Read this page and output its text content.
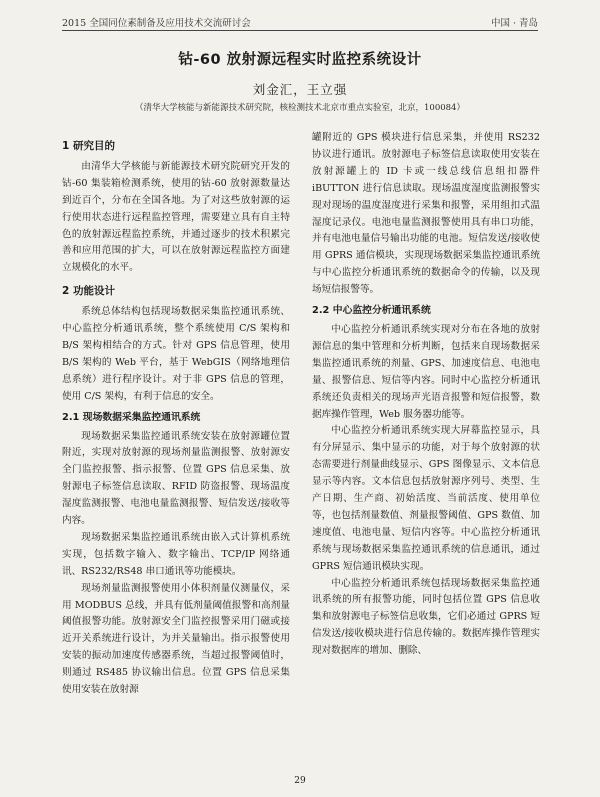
2015 全国同位素制备及应用技术交流研讨会	中国 · 青岛
钴-60 放射源远程实时监控系统设计
刘金汇，王立强
（清华大学核能与新能源技术研究院，核检测技术北京市重点实验室，北京，100084）
1 研究目的

由清华大学核能与新能源技术研究院研究开发的钴-60 集装箱检测系统，使用的钴-60 放射源数量达到近百个，分布在全国各地。为了对这些放射源的运行使用状态进行远程监控管理，需要建立具有自主特色的放射源远程监控系统，并通过逐步的技术积累完善和应用范围的扩大，可以在放射源远程监控方面建立规模化的水平。

2 功能设计

系统总体结构包括现场数据采集监控通讯系统、中心监控分析通讯系统，整个系统使用 C/S 架构和 B/S 架构相结合的方式。针对 GPS 信息管理，使用 B/S 架构的 Web 平台，基于 WebGIS（网络地理信息系统）进行程序设计。对于非 GPS 信息的管理，使用 C/S 架构，有利于信息的安全。

2.1 现场数据采集监控通讯系统

现场数据采集监控通讯系统安装在放射源罐位置附近，实现对放射源的现场剂量监测报警、放射源安全门监控报警、指示报警、位置 GPS 信息采集、放射源电子标签信息读取、RFID 防盗报警、现场温度湿度监测报警、电池电量监测报警、短信发送/接收等内容。

现场数据采集监控通讯系统由嵌入式计算机系统实现，包括数字输入、数字输出、TCP/IP 网络通讯、RS232/RS48 串口通讯等功能模块。

现场剂量监测报警使用小体积剂量仪测量仪，采用 MODBUS 总线，并具有低剂量阈值报警和高剂量阈值报警功能。放射源安全门监控报警采用门磁或接近开关系统进行设计，为并关量输出。指示报警使用安装的振动加速度传感器系统，当超过报警阈值时，则通过 RS485 协议输出信息。位置 GPS 信息采集使用安装在放射源

罐附近的 GPS 模块进行信息采集，并使用 RS232 协议进行通讯。放射源电子标签信息读取使用安装在放射源罐上的 ID 卡或一线总线信息组扣器件 iBUTTON 进行信息读取。现场温度湿度监测报警实现对现场的温度湿度进行采集和报警，采用组扣式温湿度记录仪。电池电量监测报警使用具有串口功能，并有电池电量信号输出功能的电池。短信发送/接收使用 GPRS 通信模块，实现现场数据采集监控通讯系统与中心监控分析通讯系统的数据命令的传输，以及现场短信报警等。

2.2 中心监控分析通讯系统

中心监控分析通讯系统实现对分布在各地的放射源信息的集中管理和分析判断，包括来自现场数据采集监控通讯系统的剂量、GPS、加速度信息、电池电量、报警信息、短信等内容。同时中心监控分析通讯系统还负责相关的现场声光语音报警和短信报警，数据库操作管理，Web 服务器功能等。

中心监控分析通讯系统实现大屏幕监控显示，具有分屏显示、集中显示的功能，对于每个放射源的状态需要进行剂量曲线显示、GPS 图像显示、文本信息显示等内容。文本信息包括放射源序列号、类型、生产日期、生产商、初始活度、当前活度、使用单位等，也包括剂量数值、剂量报警阈值、GPS 数值、加速度值、电池电量、短信内容等。中心监控分析通讯系统与现场数据采集监控通讯系统的信息通讯，通过 GPRS 短信通讯模块实现。

中心监控分析通讯系统包括现场数据采集监控通讯系统的所有报警功能，同时包括位置 GPS 信息收集和放射源电子标签信息收集，它们必通过 GPRS 短信发送/接收模块进行信息传输的。数据库操作管理实现对数据库的增加、删除、

29
